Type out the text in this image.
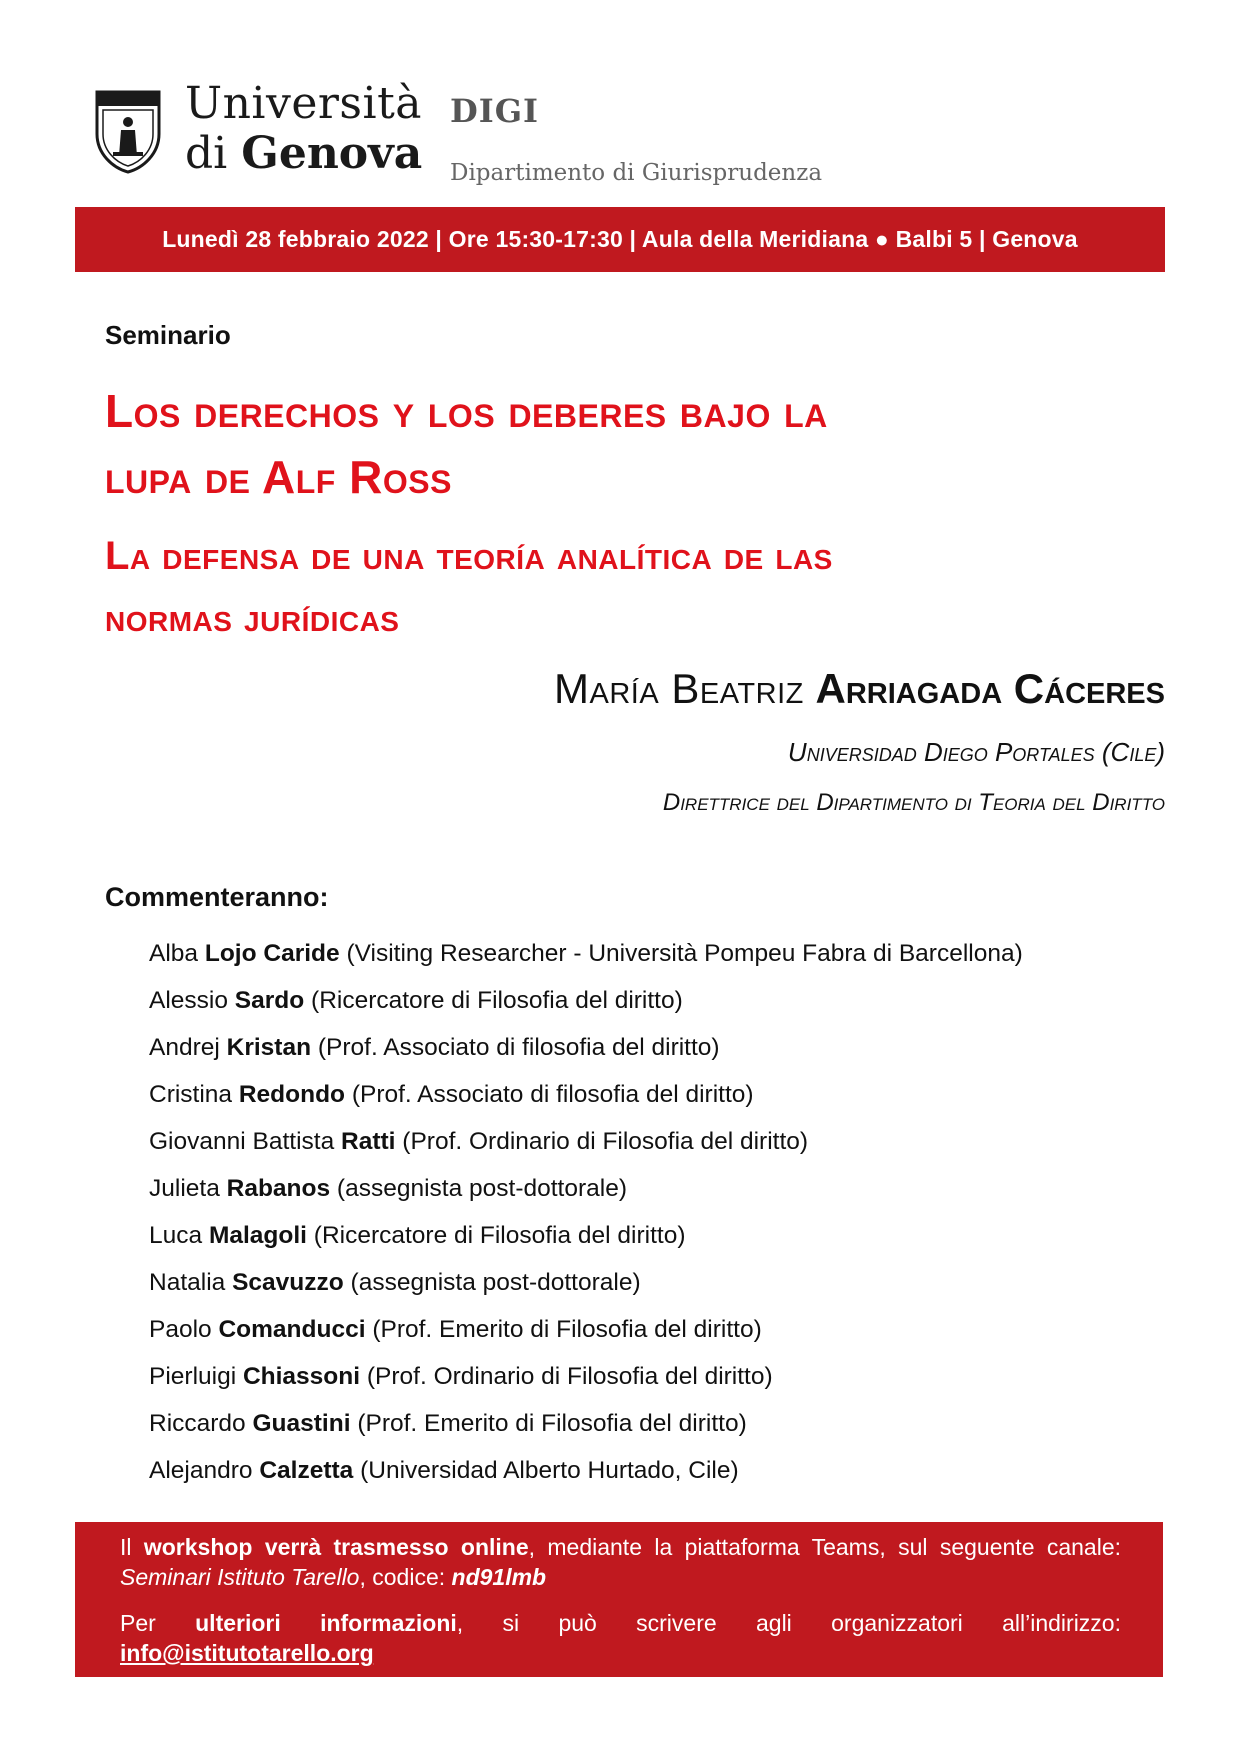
Università
di Genova
DIGI
Dipartimento di Giurisprudenza
Lunedì 28 febbraio 2022 | Ore 15:30-17:30 | Aula della Meridiana ● Balbi 5 | Genova
Seminario
Los derechos y los deberes bajo la
lupa de Alf Ross
La defensa de una teoría analítica de las
normas jurídicas
María Beatriz Arriagada Cáceres
Universidad Diego Portales (Cile)
Direttrice del Dipartimento di Teoria del Diritto
Commenteranno:
Alba Lojo Caride (Visiting Researcher - Università Pompeu Fabra di Barcellona)
Alessio Sardo (Ricercatore di Filosofia del diritto)
Andrej Kristan (Prof. Associato di filosofia del diritto)
Cristina Redondo (Prof. Associato di filosofia del diritto)
Giovanni Battista Ratti (Prof. Ordinario di Filosofia del diritto)
Julieta Rabanos (assegnista post-dottorale)
Luca Malagoli (Ricercatore di Filosofia del diritto)
Natalia Scavuzzo (assegnista post-dottorale)
Paolo Comanducci (Prof. Emerito di Filosofia del diritto)
Pierluigi Chiassoni (Prof. Ordinario di Filosofia del diritto)
Riccardo Guastini (Prof. Emerito di Filosofia del diritto)
Alejandro Calzetta (Universidad Alberto Hurtado, Cile)

Il workshop verrà trasmesso online, mediante la piattaforma Teams, sul seguente canale:

Seminari Istituto Tarello, codice: nd91lmb

Per ulteriori informazioni, si può scrivere agli organizzatori all’indirizzo:

info@istitutotarello.org
